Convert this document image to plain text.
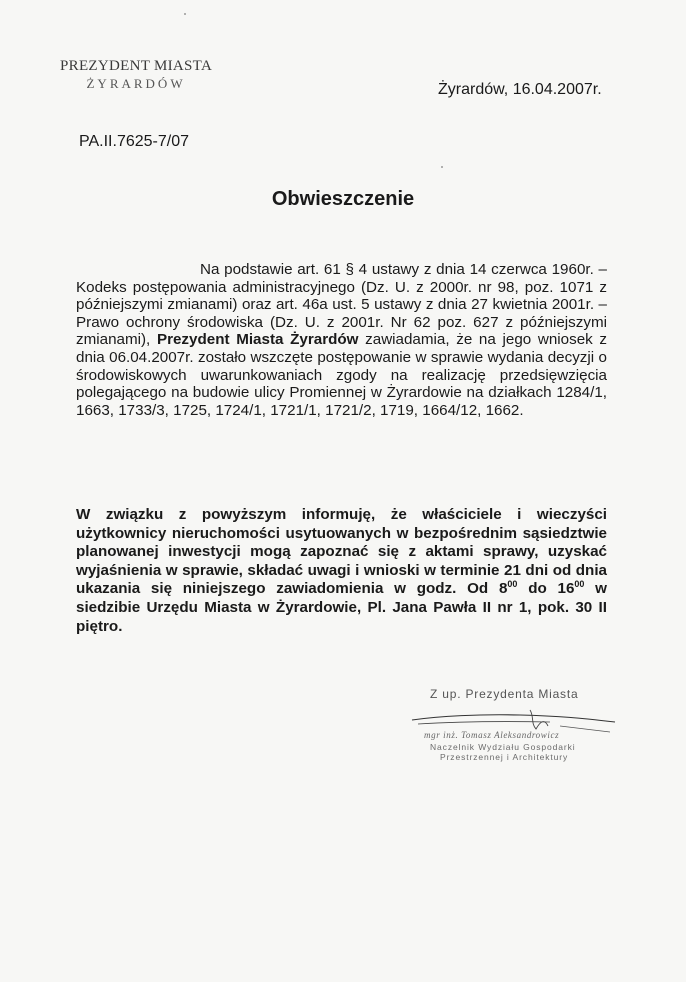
PREZYDENT MIASTA
ŻYRARDÓW	Żyrardów, 16.04.2007r.
PA.II.7625-7/07
Obwieszczenie
Na podstawie art. 61 § 4 ustawy z dnia 14 czerwca 1960r. – Kodeks postępowania administracyjnego (Dz. U. z 2000r. nr 98, poz. 1071 z późniejszymi zmianami) oraz art. 46a ust. 5 ustawy z dnia 27 kwietnia 2001r. – Prawo ochrony środowiska (Dz. U. z 2001r. Nr 62 poz. 627 z późniejszymi zmianami), Prezydent Miasta Żyrardów zawiadamia, że na jego wniosek z dnia 06.04.2007r. zostało wszczęte postępowanie w sprawie wydania decyzji o środowiskowych uwarunkowaniach zgody na realizację przedsięwzięcia polegającego na budowie ulicy Promiennej w Żyrardowie na działkach 1284/1, 1663, 1733/3, 1725, 1724/1, 1721/1, 1721/2, 1719, 1664/12, 1662.
W związku z powyższym informuję, że właściciele i wieczyści użytkownicy nieruchomości usytuowanych w bezpośrednim sąsiedztwie planowanej inwestycji mogą zapoznać się z aktami sprawy, uzyskać wyjaśnienia w sprawie, składać uwagi i wnioski w terminie 21 dni od dnia ukazania się niniejszego zawiadomienia w godz. Od $8^{00}$ do $16^{00}$ w siedzibie Urzędu Miasta w Żyrardowie, Pl. Jana Pawła II nr 1, pok. 30 II piętro.
Z up. Prezydenta Miasta
mgr inż. Tomasz Aleksandrowicz
Naczelnik Wydziału Gospodarki
Przestrzennej i Architektury
